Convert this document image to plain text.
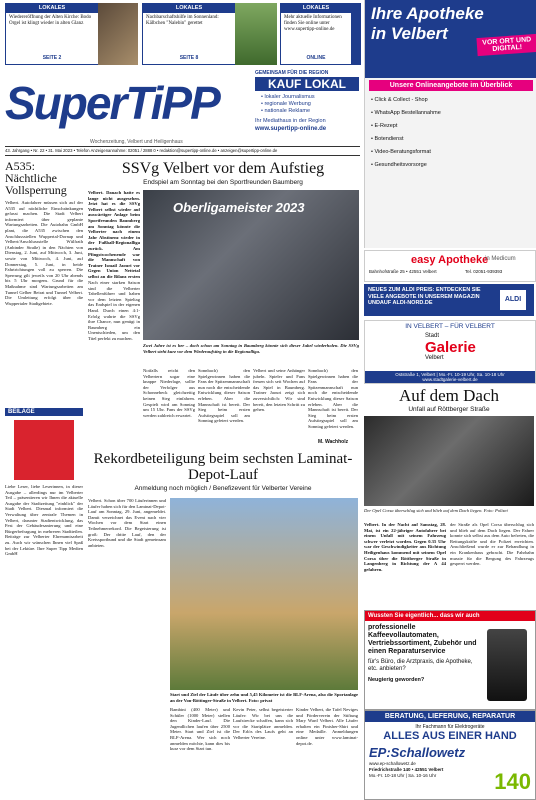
LOKALES
Wiedereröffnung der Alten Kirche: Bodo Orgel ist klingt wieder in alten Glanz
SEITE 2
LOKALES
Nachbarschaftshilfe im Sonnenland: Kälbchen "Nalebin" gerettet
SEITE 8
LOKALES
Mehr aktuelle Informationen finden Sie online unter www.supertipp-online.de
ONLINE
Ihre Apotheke
in Velbert	VOR ORT UND DIGITAL!
Unsere Onlineangebote im Überblick
• Click & Collect - Shop
• WhatsApp Bestellannahme
• E-Rezept
• Botendienst
• Video-Beratungsformat
• Gesundheitsvorsorge
SuperTiPP
GEMEINSAM FÜR DIE REGION
KAUF LOKAL
• lokaler Journalismus
• regionale Werbung
• nationale Reklame
Ihr Mediathaus in der Region
www.supertipp-online.de
Wochenzeitung, Velbert und Heiligenhaus
43. Jahrgang • Nr. 22 • 31. Mai 2023 • Telefon Anzeigenannahme: 02051 / 2888 0 • redaktion@supertipp-online.de • anzeigen@supertipp-online.de
A535: Nächtliche Vollsperrung
Velbert. Autofahrer müssen sich auf der A535 auf nächtliche Einschränkungen gefasst machen. Die Stadt Velbert informiert über geplante Wartungsarbeiten. Die Autobahn GmbH plant, die A535 zwischen den Anschlussstellen Wuppertal-Dornap und Velbert/Anschlussstelle Wülfrath (Anbinder Straße) in den Nächten von Dienstag, 2. Juni, auf Mittwoch, 3. Juni, sowie von Mittwoch, 4. Juni, auf Donnerstag, 5. Juni, in beide Fahrtrichtungen voll zu sperren. Die Sperrung gilt jeweils von 20 Uhr abends bis 5 Uhr morgens. Grund für die Maßnahme sind Wartungsarbeiten am Tunnel Gelber Beirat und Tunnel Velbert. Die Umleitung erfolgt über die Wuppertaler Stadtgebiete.
BEILAGE
Liebe Leser, liebe Leserinnen, in dieser Ausgabe – allerdings nur im Velberter Teil – präsentieren wir Ihnen die aktuelle Ausgabe der Stadtzeitung "einblick" der Stadt Velbert. Diesmal informiert die Verwaltung über zentrale Themen in Velbert, darunter Stadtentwicklung, das Fest der Gebäudesanierung und eine Bürgerbefragung in mehreren Stadtteilen. Beiträge zur Velberter Ehrenamtsarbeit zu. Auch wir wünschen Ihnen viel Spaß bei der Lektüre. Ihre Super Tipp Medien GmbH
SSVg Velbert vor dem Aufstieg
Endspiel am Sonntag bei den Sportfreunden Baumberg
Velbert. Danach hatte es lange nicht ausgesehen. Jetzt hat es die SSVg Velbert selbst wieder auf auswärtiger Anlage beim Sportfreunden Baumberg am Sonntag könnte die Velberter nach einem Jahr Abstinenz wieder in der Fußball-Regionalliga zurück. Am Pfingstwochenende war die Mannschaft von Trainer Ismail Jaouri vor Gegen Union Nettetal selbst an die Bilanz ersten
Oberligameister 2023
Nach einer starken Saison sind die Velberter Tabellenführer und haben vor dem letzten Spieltag das Endspiel in der eigenen Hand. Durch einen 4:1-Erfolg wahrte die SSVg ihre Chance, nun genügt in Baumberg ein Unentschieden, um den Titel perfekt zu machen.
Zwei Jahre ist es her – doch schon am Sonntag in Baumberg könnte sich dieser Jubel wiederholen. Die SSVg Velbert steht kurz vor dem Wiederaufstieg in die Regionalliga.
Notfalls reicht den Velbertern sogar eine knappe Niederlage, sollte der Verfolger aus Schonnebeck gleichzeitig keinen Sieg einfahren. Gespielt wird am Sonntag um 15 Uhr. Fans der SSVg werden zahlreich erwartet.
Sonnbach) den Spielgewinnen haben die Fans der Spitzenmannschaft nun noch die entscheidende Entwicklung dieser Saison erleben. Aber die Mannschaft ist bereit. Der Sieg beim ersten Aufstiegsspiel soll am Sonntag gefeiert werden.
Velbert und seine Anhänger jubeln. Spieler und Fans freuen sich seit Wochen auf das Spiel in Baumberg. Trainer Jaouri zeigt sich zuversichtlich: Wir sind bereit, den letzten Schritt zu gehen.
Sonnbach) den Spielgewinnen haben die Fans der Spitzenmannschaft nun noch die entscheidende Entwicklung dieser Saison erleben. Aber die Mannschaft ist bereit. Der Sieg beim ersten Aufstiegsspiel soll am Sonntag gefeiert werden.
M. Wachholz
easy Apotheke
in Medicum
Bahnhofstraße 25 • 42551 Velbert	Tel. 02051-939393
NEUES ZUM ALDI PREIS: ENTDECKEN SIE VIELE ANGEBOTE IN UNSEREM MAGAZIN UNDAUF ALDI-NORD.DE	ALDI
IN VELBERT – FÜR VELBERT
Stadt
Galerie
Velbert
Oststraße 1, Velbert | Mo.-Fr. 10-19 Uhr, Sa. 10-18 Uhr
www.stadtgalerie-velbert.de
Auf dem Dach
Unfall auf Röttberger Straße
Der Opel Corsa überschlug sich und blieb auf dem Dach liegen. Foto: Polizei
Velbert. In der Nacht auf Samstag, 28. Mai, ist ein 22-jähriger Autofahrer bei einem Unfall mit seinem Fahrzeug schwer verletzt worden. Gegen 0.35 Uhr war der Geschwindigkeiter aus Richtung Heiligenhaus kommend mit seinem Opel Corsa über die Röttberger Straße in Langenberg in Richtung der A 44 gefahren.
der Straße als Opel Corsa überschlug sich und blieb auf dem Dach liegen. Der Fahrer konnte sich selbst aus dem Auto befreien, die Rettungskräfte und die Polizei erreichten. Anschließend wurde er zur Behandlung in ein Krankenhaus gebracht. Die Fahrbahn musste für die Bergung des Fahrzeugs gesperrt werden.
Rekordbeteiligung beim sechsten Laminat-Depot-Lauf
Anmeldung noch möglich / Benefizevent für Velberter Vereine
Velbert. Schon über 700 Läuferinnen und Läufer haben sich für den Laminat-Depot-Lauf am Sonntag, 29. Juni, angemeldet. Damit verzeichnet das Event nach vier Wochen vor dem Start einen Teilnehmerrekord. Die Begeisterung ist groß: Der dritte Lauf, den der Kreissportbund und die Stadt gemeinsam anbieten.
Start und Ziel der Läufe über zehn und 5,45 Kilometer ist die BLF-Arena, also die Sportanlage an der Von-Böttinger-Straße in Velbert. Foto: privat
Bambini (400 Meter) und Schüler (1000 Meter) stellen den Kinder-Lauf. Die Jugendlichen laufen über 2500 Meter. Start und Ziel ist die BLF-Arena. Wer sich noch anmelden möchte, kann dies bis kurz vor dem Start tun.
Kevin Peter, selbst begeisterter Läufer: Wir bei uns die Laufstrecke schaffen, kann sich vor die Startplätze anmelden. Der Erlös des Laufs geht an Velberter Vereine.
Kinder Velbert, die Tafel Neviges und Förderverein der Stiftung Mary Ward Velbert. Alle Läufer erhalten ein Finisher-Shirt und eine Medaille. Anmeldungen online unter www.laminat-depot.de.
Wussten Sie eigentlich... dass wir auch
professionelle Kaffeevollautomaten, Vertriebssortiment, Zubehör und einen Reparaturservice
für's Büro, die Arztpraxis, die Apotheke, etc. anbieten?
Neugierig geworden?
BERATUNG, LIEFERUNG, REPARATUR
Ihr Fachmann für Elektrogeräte
ALLES AUS EINER HAND
EP:Schallowetz
www.ep-schallowetz.de
Friedrichstraße 140 • 42551 Velbert
Mo.-Fr. 10-18 Uhr | Sa. 10-16 Uhr	140
